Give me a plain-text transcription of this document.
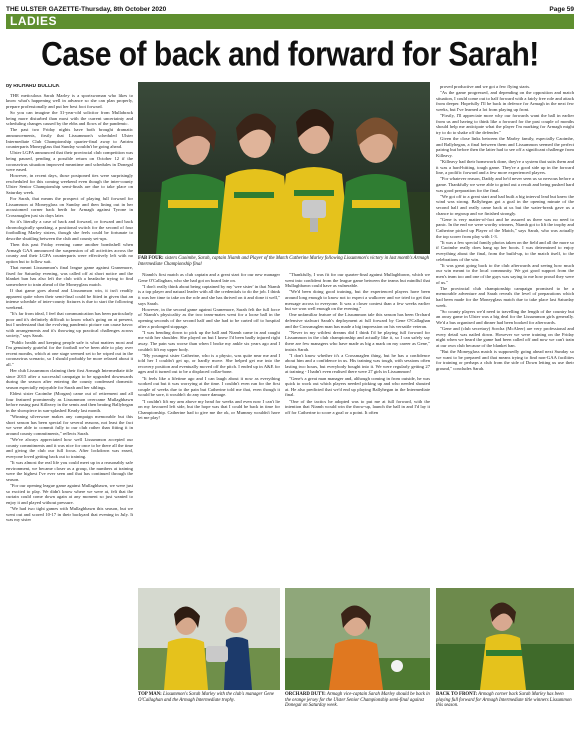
THE ULSTER GAZETTE-Thursday, 8th October 2020	Page 59
LADIES
Case of back and forward for Sarah!
by RICHARD BULLICK

THE meticulous Sarah Marley is a sportswoman who likes to know what's happening well in advance so she can plan properly, prepare professionally and put her best foot forward.

So you can imagine the 31-year-old solicitor from Mullabrack being more disturbed than most with the current uncertainty and scheduling changes caused by the ebbs and flows of the pandemic.

The past two Friday nights have both brought dramatic announcements, firstly that Lissummon's scheduled Ulster Intermediate Club Championship quarter-final away to Antrim counterparts Moneyglass that Sunday wouldn't be going ahead.

Ulster LGFA announced that their provincial club competition was being paused, pending a possible return on October 12 if the coronavirus situation improved meantime and schedules in Donegal were eased.

However, in recent days, those postponed ties were surprisingly rescheduled for this coming weekend even though the inter-county Ulster Senior Championship semi-finals are due to take place on Saturday week.

For Sarah, that means the prospect of playing full forward for Lissummon at Moneyglass on Sunday and then lining out in her accustomed corner back berth for Armagh against Tyrone in Crossmaglen just six days later.

So it's literally a case of back and forward, or forward and back chronologically speaking, a positional switch for the second of four footballing Marley sisters, though she feels could be fortunate to describe shuttling between the club and county set-ups.

Then this past Friday evening came another bombshell when Armagh GAA announced the suspension of all activities across the county and their LGFA counterparts were effectively left with no option but to follow suit.

That meant Lissummon's final league game against Granemore, fixed for Saturday evening, was called off at short notice and the blanket ban has also left the club with a headache trying to find somewhere to train ahead of the Moneyglass match.

If that game goes ahead and Lissummon win, it isn't readily apparent quite when their semi-final could be fitted in given that an intense schedule of inter-county fixtures is due to start the following weekend.

"It's far from ideal, I feel that communication has been particularly poor and it's definitely difficult to know what's going on at present, but I understand that the evolving pandemic picture can cause havoc with arrangements and it's throwing up practical challenges across society," says Sarah.

"Public health and keeping people safe is what matters most and I'm genuinely grateful for the football we've been able to play over recent months, which at one stage seemed set to be wiped out in the coronavirus scenario, so I should probably be more relaxed about it all."

Her club Lissummon claiming their first Armagh Intermediate title since 2015 after a successful campaign to be upgraded downwards during the season after entering the county condensed domestic season especially enjoyable for Sarah and her siblings.

Eldest sister Caoimhe (Morgan) came out of retirement and all four featured prominently as Lissummon overcame Mullaghbawn before easing past Killeavy in the semis and then beating Ballyhegan in the showpiece in sun-splashed Keady last month.

"Winning silverware makes any campaign memorable but this short season has been special for several reasons, not least the fact we were able to commit fully to our club rather than fitting it in around county commitments," reflects Sarah.

"We've always appreciated how well Lissummon accepted our county commitments and it was nice for once to be there all the time and giving the club our full focus. After lockdown was eased, everyone loved getting back out to training.

"It was almost the real life you could meet up in a reasonably safe environment, we became closer as a group, the numbers at training were the highest I've ever seen and that has continued through the season.

"For our opening league game against Mullaghbawn, we were just so excited to play. We didn't know where we were at, felt that the curtain could come down again at any moment so just wanted to enjoy it and played without pressure.

"We had two tight games with Mullaghbawn this season, but we went out and scored 10-17 in their backyard that evening in July. It was my sister

FAB FOUR: sisters Caoimhe, Sarah, captain Niamh and Player of the Match Catherine Marley following Lissummon's victory in last month's Armagh Intermediate Championship final

Niamh's first match as club captain and a great start for our new manager Gene O'Callaghan, who she had got on board late on.

"I don't really think about being captained by my 'wee sister' in that Niamh is a top player and natural leader with all the credentials to do the job. I think it was her time to take on the role and she has thrived on it and done it well," says Sarah.

However, in the second game against Granemore, Sarah felt the full force of Niamh's physicality as the two team-mates went for a loose ball in the opening seconds of the second half and she had to be carted off to hospital after a prolonged stoppage.

"I was bending down to pick up the ball and Niamh came in and caught me with her shoulder. She played on but I knew I'd been badly injured right away. The pain was worse than when I broke my ankle six years ago and I couldn't lift my upper body.

"My youngest sister Catherine, who is a physio, was quite near me and I told her I couldn't get up, or hardly move. She helped get me into the recovery position and eventually moved off the pitch. I ended up in A&E for ages and it turned out to be a displaced collar-bone.

"It feels like a lifetime ago and I can laugh about it now as everything worked out but it was worrying at the time. I couldn't even run for the first couple of weeks due to the pain but Catherine told me that, even though it would be sore, it wouldn't do any more damage.

"I couldn't lift my arm above my head for weeks and even now I can't lie on my favoured left side, but the hope was that I could be back in time for Championship. Catherine had to give me the ok, or Mummy wouldn't have let me play!

"Thankfully, I was fit for our quarter-final against Mullaghbawn, which we went into confident from the league game between the teams but mindful that Mullaghbawn could have as vulnerable.

"We'd been doing good training, but the experienced players have been around long enough to know not to expect a walkover and we tried to get that message across to everyone. It was a closer contest than a few weeks earlier but we won well enough on the evening."

One unfamiliar feature of the Lissummon tale this season has been Orchard defensive stalwart Sarah's deployment at full forward by Gene O'Callaghan and the Crossmaglen man has made a big impression on his versatile veteran.

"Never in my wildest dreams did I think I'd be playing full forward for Lissummon in the club championship and actually like it, so I can safely say there are few managers who have made as big a mark on my career as Gene," insists Sarah.

"I don't know whether it's a Crossmaglen thing, but he has a confidence about him and a confidence in us. His training was tough, with sessions often lasting two hours, but everybody bought into it. We were regularly getting 27 at training - I hadn't even realised there were 27 girls in Lissummon!

"Gene's a great man manager and, although coming in from outside, he was quick to work out which players needed picking up and who needed shouted at. He also predicted that we'd end up playing Ballyhegan in the Intermediate final.

"One of the tactics he adopted was to put me at full forward, with the intention that Niamh would win the throw-up, launch the ball in and I'd lay it off for Catherine to score a goal or a point. It often

proved productive and we got a few flying starts.

"As the game progressed, and depending on the opposition and match situation, I could come out to half forward with a fairly free role and attack from deeper. Hopefully I'll be back in defence for Armagh in the next few weeks, but I've learned a lot from playing up front.

"Firstly, I'll appreciate more why our forwards want the ball in earlier from us and having to think like a forward for the past couple of months should help me anticipate what the player I'm marking for Armagh might try to do to shake off the defender."

Given the close links between the Marley family, especially Caoimhe, and Ballyhegan, a final between them and Lissummon seemed the perfect pairing but before then the latter had to see off a significant challenge from Killeavy.

"Killeavy had their homework done, they're a system that suits them and it was a hard-hitting, tough game. They're a good side up in the forward line, a prolific forward and a few more experienced players.

"For whatever reason, Daddy and he'd never seen us so nervous before a game. Thankfully we were able to grind out a result and being pushed hard was good preparation for the final.

"We got off to a great start and had built a big interval lead but knew the wind was strong. Ballyhegan got a goal in the opening minute of the second half and really came back at us but the water-break gave us a chance to regroup and we finished strongly.

"Gene is very matter-of-fact and he assured us there was no need to panic. In the end we were worthy winners, Niamh got to lift the trophy and Catherine picked up Player of the Match," says Sarah, who was actually the top scorer from play with 1-3.

"It was a few special family photos taken on the field and all the more so if Caoimhe really does hang up her boots. I was determined to enjoy everything about the final, from the build-up, to the match itself, to the celebrations of the win.

"It was great going back to the club afterwards and seeing how much our win meant to the local community. We got good support from the men's team too and one of the guys was saying to me how proud they were of us."

The provincial club championship campaign promised to be a memorable adventure and Sarah reveals the level of preparations which had been made for the Moneyglass match due to take place last Saturday week.

"So county players we'd need to travelling the length of the country but an away game in Ulster was a big deal for the Lissummon girls generally. We'd a bus organised and dinner had been booked for afterwards.

"Gene and (club secretary) Sorcha (McAleer) are very professional and every detail was nailed down. However we were training on the Friday night when we heard the game had been called off and now we can't train at our own club because of the blanket ban.

"But the Moneyglass match is supposedly going ahead next Sunday so we want to be prepared and that means trying to find non-GAA facilities for training or perhaps a club from the side of Down letting us use their ground," concludes Sarah.

TOP MAN: Lissummon's Sarah Marley with the club's manager Gene O'Callaghan and the Armagh Intermediate trophy.
ORCHARD DUTY: Armagh vice-captain Sarah Marley should be back in the orange jersey for the Ulster Senior Championship semi-final against Donegal on Saturday week.
BACK TO FRONT: Armagh corner back Sarah Marley has been playing full forward for Armagh Intermediate title winners Lissummon this season.
